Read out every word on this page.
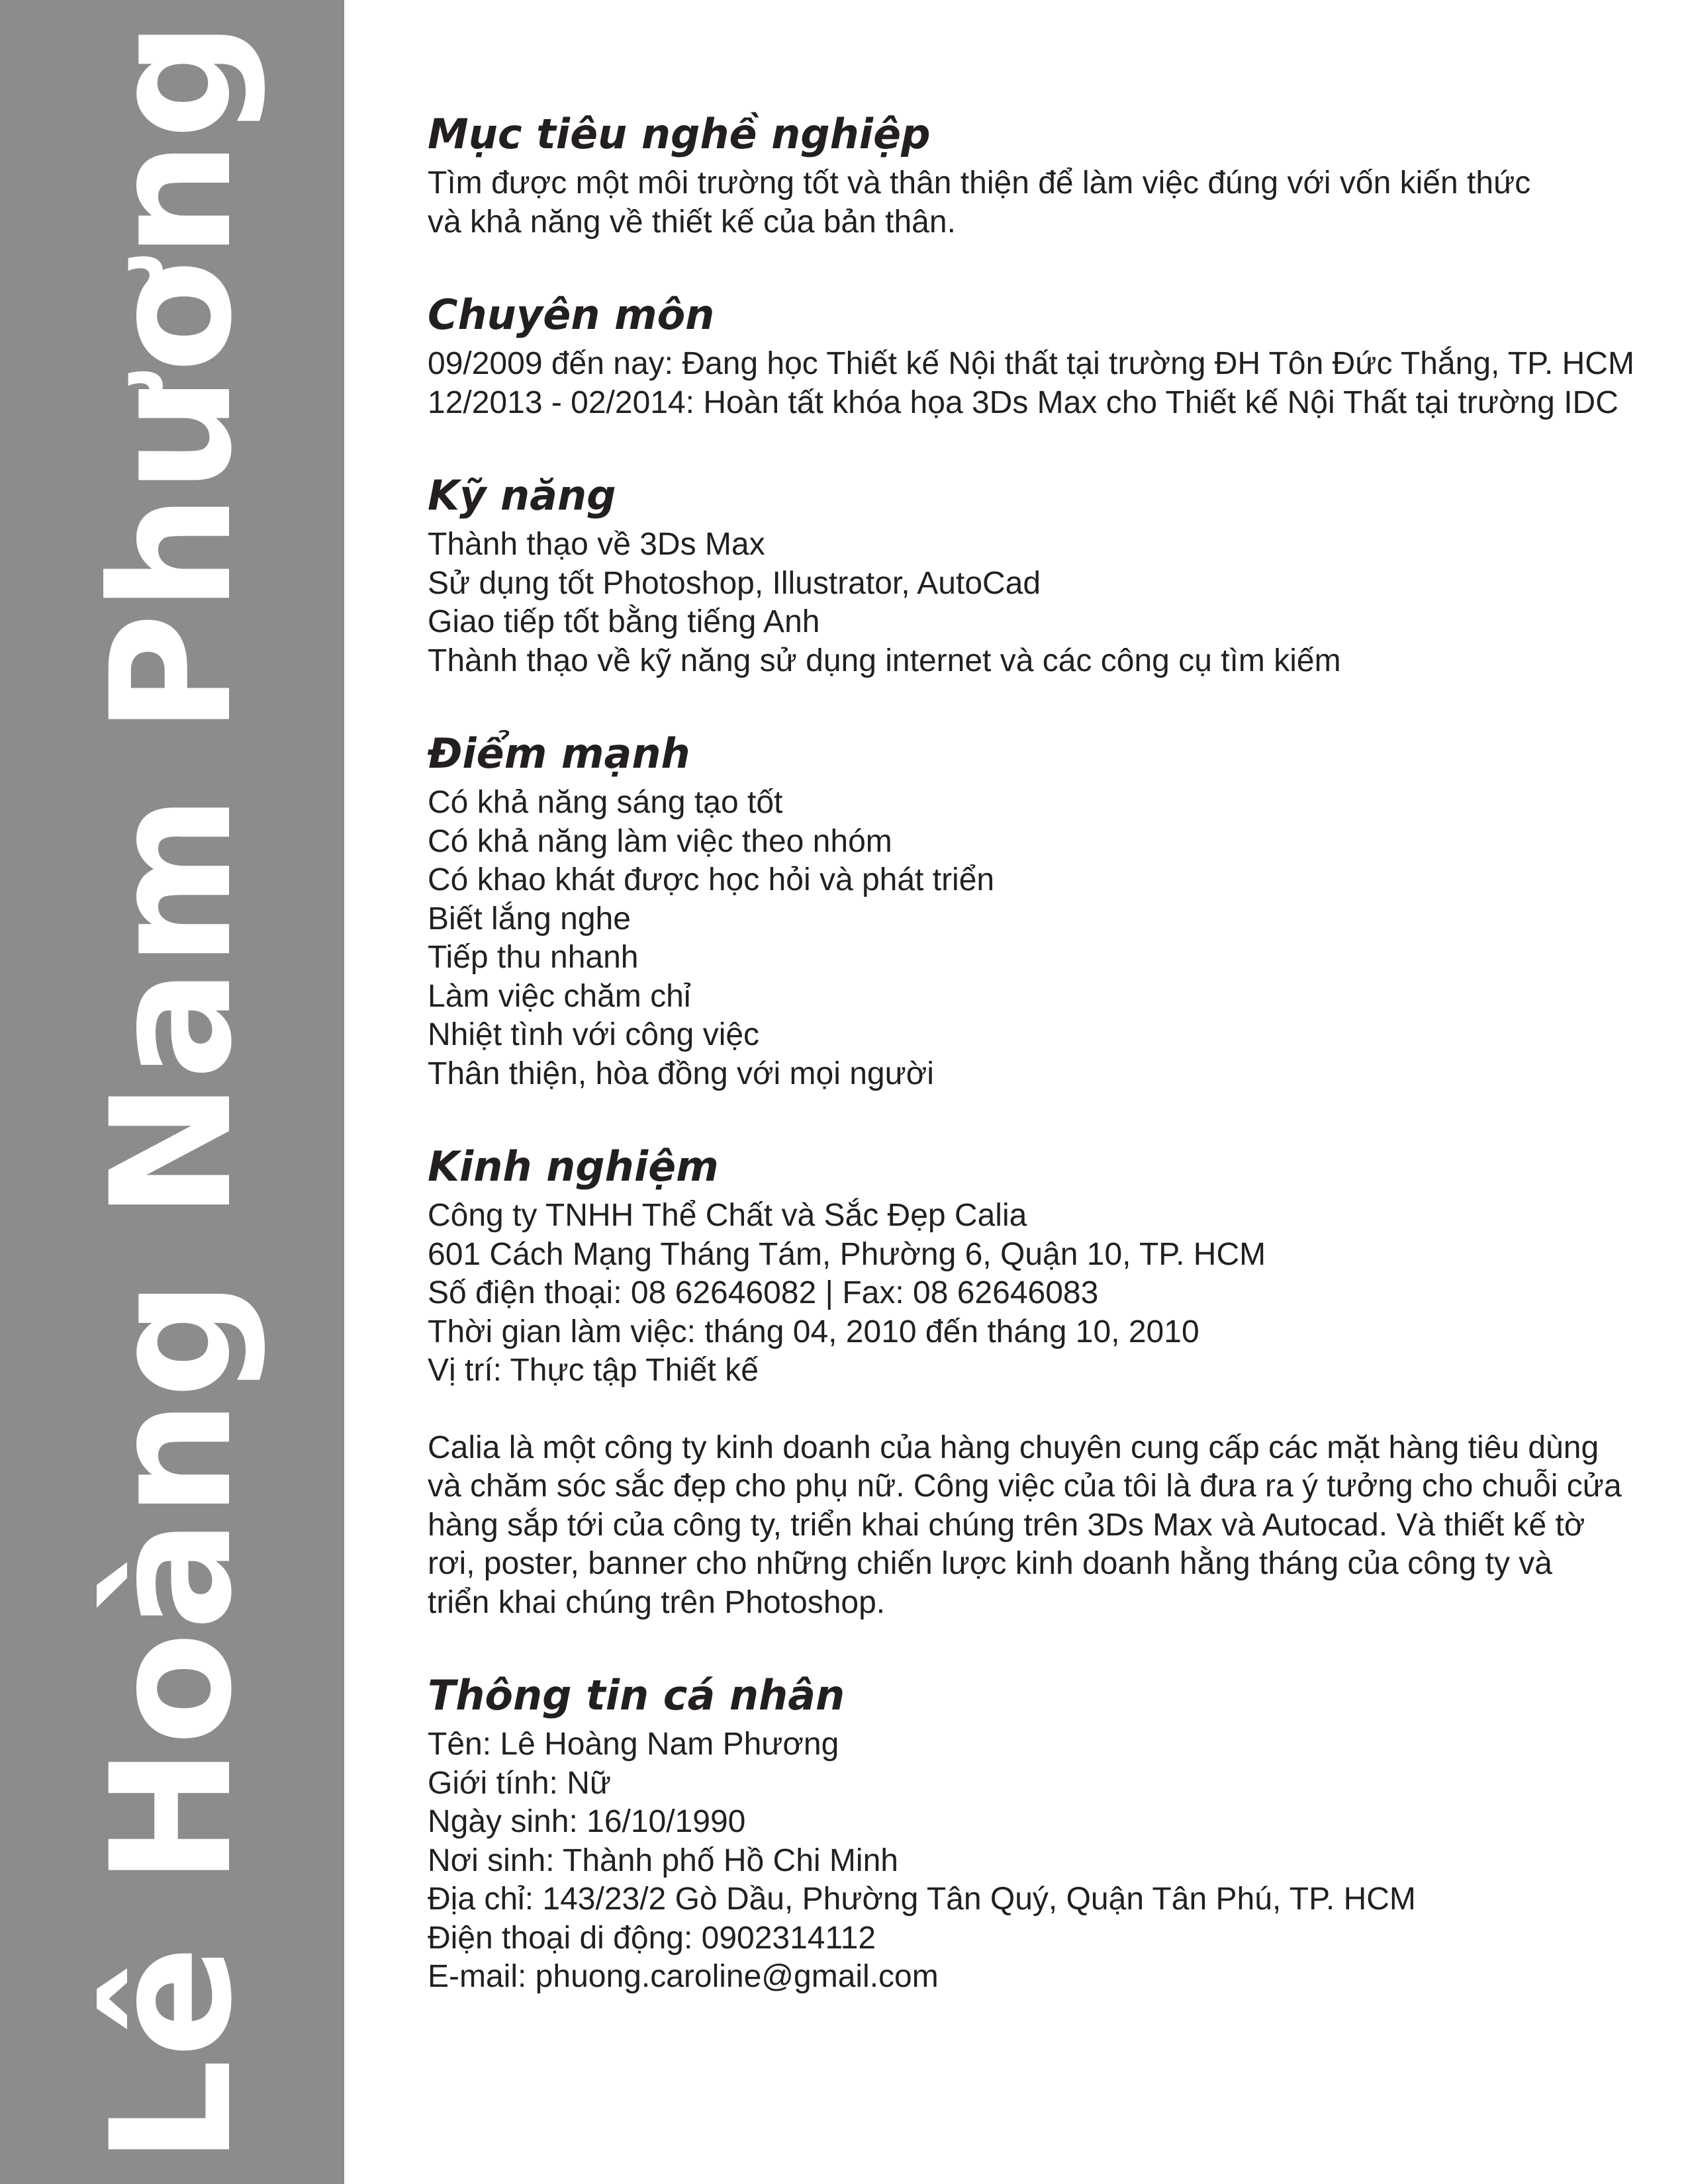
Lê Hoàng Nam Phương	Mục tiêu nghề nghiệp
Tìm được một môi trường tốt và thân thiện để làm việc đúng với vốn kiến thức
và khả năng về thiết kế của bản thân.
Chuyên môn
09/2009 đến nay: Đang học Thiết kế Nội thất tại trường ĐH Tôn Đức Thắng, TP. HCM
12/2013 - 02/2014: Hoàn tất khóa họa 3Ds Max cho Thiết kế Nội Thất tại trường IDC
Kỹ năng
Thành thạo về 3Ds Max
Sử dụng tốt Photoshop, Illustrator, AutoCad
Giao tiếp tốt bằng tiếng Anh
Thành thạo về kỹ năng sử dụng internet và các công cụ tìm kiếm
Điểm mạnh
Có khả năng sáng tạo tốt
Có khả năng làm việc theo nhóm
Có khao khát được học hỏi và phát triển
Biết lắng nghe
Tiếp thu nhanh
Làm việc chăm chỉ
Nhiệt tình với công việc
Thân thiện, hòa đồng với mọi người
Kinh nghiệm
Công ty TNHH Thể Chất và Sắc Đẹp Calia
601 Cách Mạng Tháng Tám, Phường 6, Quận 10, TP. HCM
Số điện thoại: 08 62646082 | Fax: 08 62646083
Thời gian làm việc: tháng 04, 2010 đến tháng 10, 2010
Vị trí: Thực tập Thiết kế
Calia là một công ty kinh doanh của hàng chuyên cung cấp các mặt hàng tiêu dùng
và chăm sóc sắc đẹp cho phụ nữ. Công việc của tôi là đưa ra ý tưởng cho chuỗi cửa
hàng sắp tới của công ty, triển khai chúng trên 3Ds Max và Autocad. Và thiết kế tờ
rơi, poster, banner cho những chiến lược kinh doanh hằng tháng của công ty và
triển khai chúng trên Photoshop.
Thông tin cá nhân
Tên: Lê Hoàng Nam Phương
Giới tính: Nữ
Ngày sinh: 16/10/1990
Nơi sinh: Thành phố Hồ Chi Minh
Địa chỉ: 143/23/2 Gò Dầu, Phường Tân Quý, Quận Tân Phú, TP. HCM
Điện thoại di động: 0902314112
E-mail: phuong.caroline@gmail.com
